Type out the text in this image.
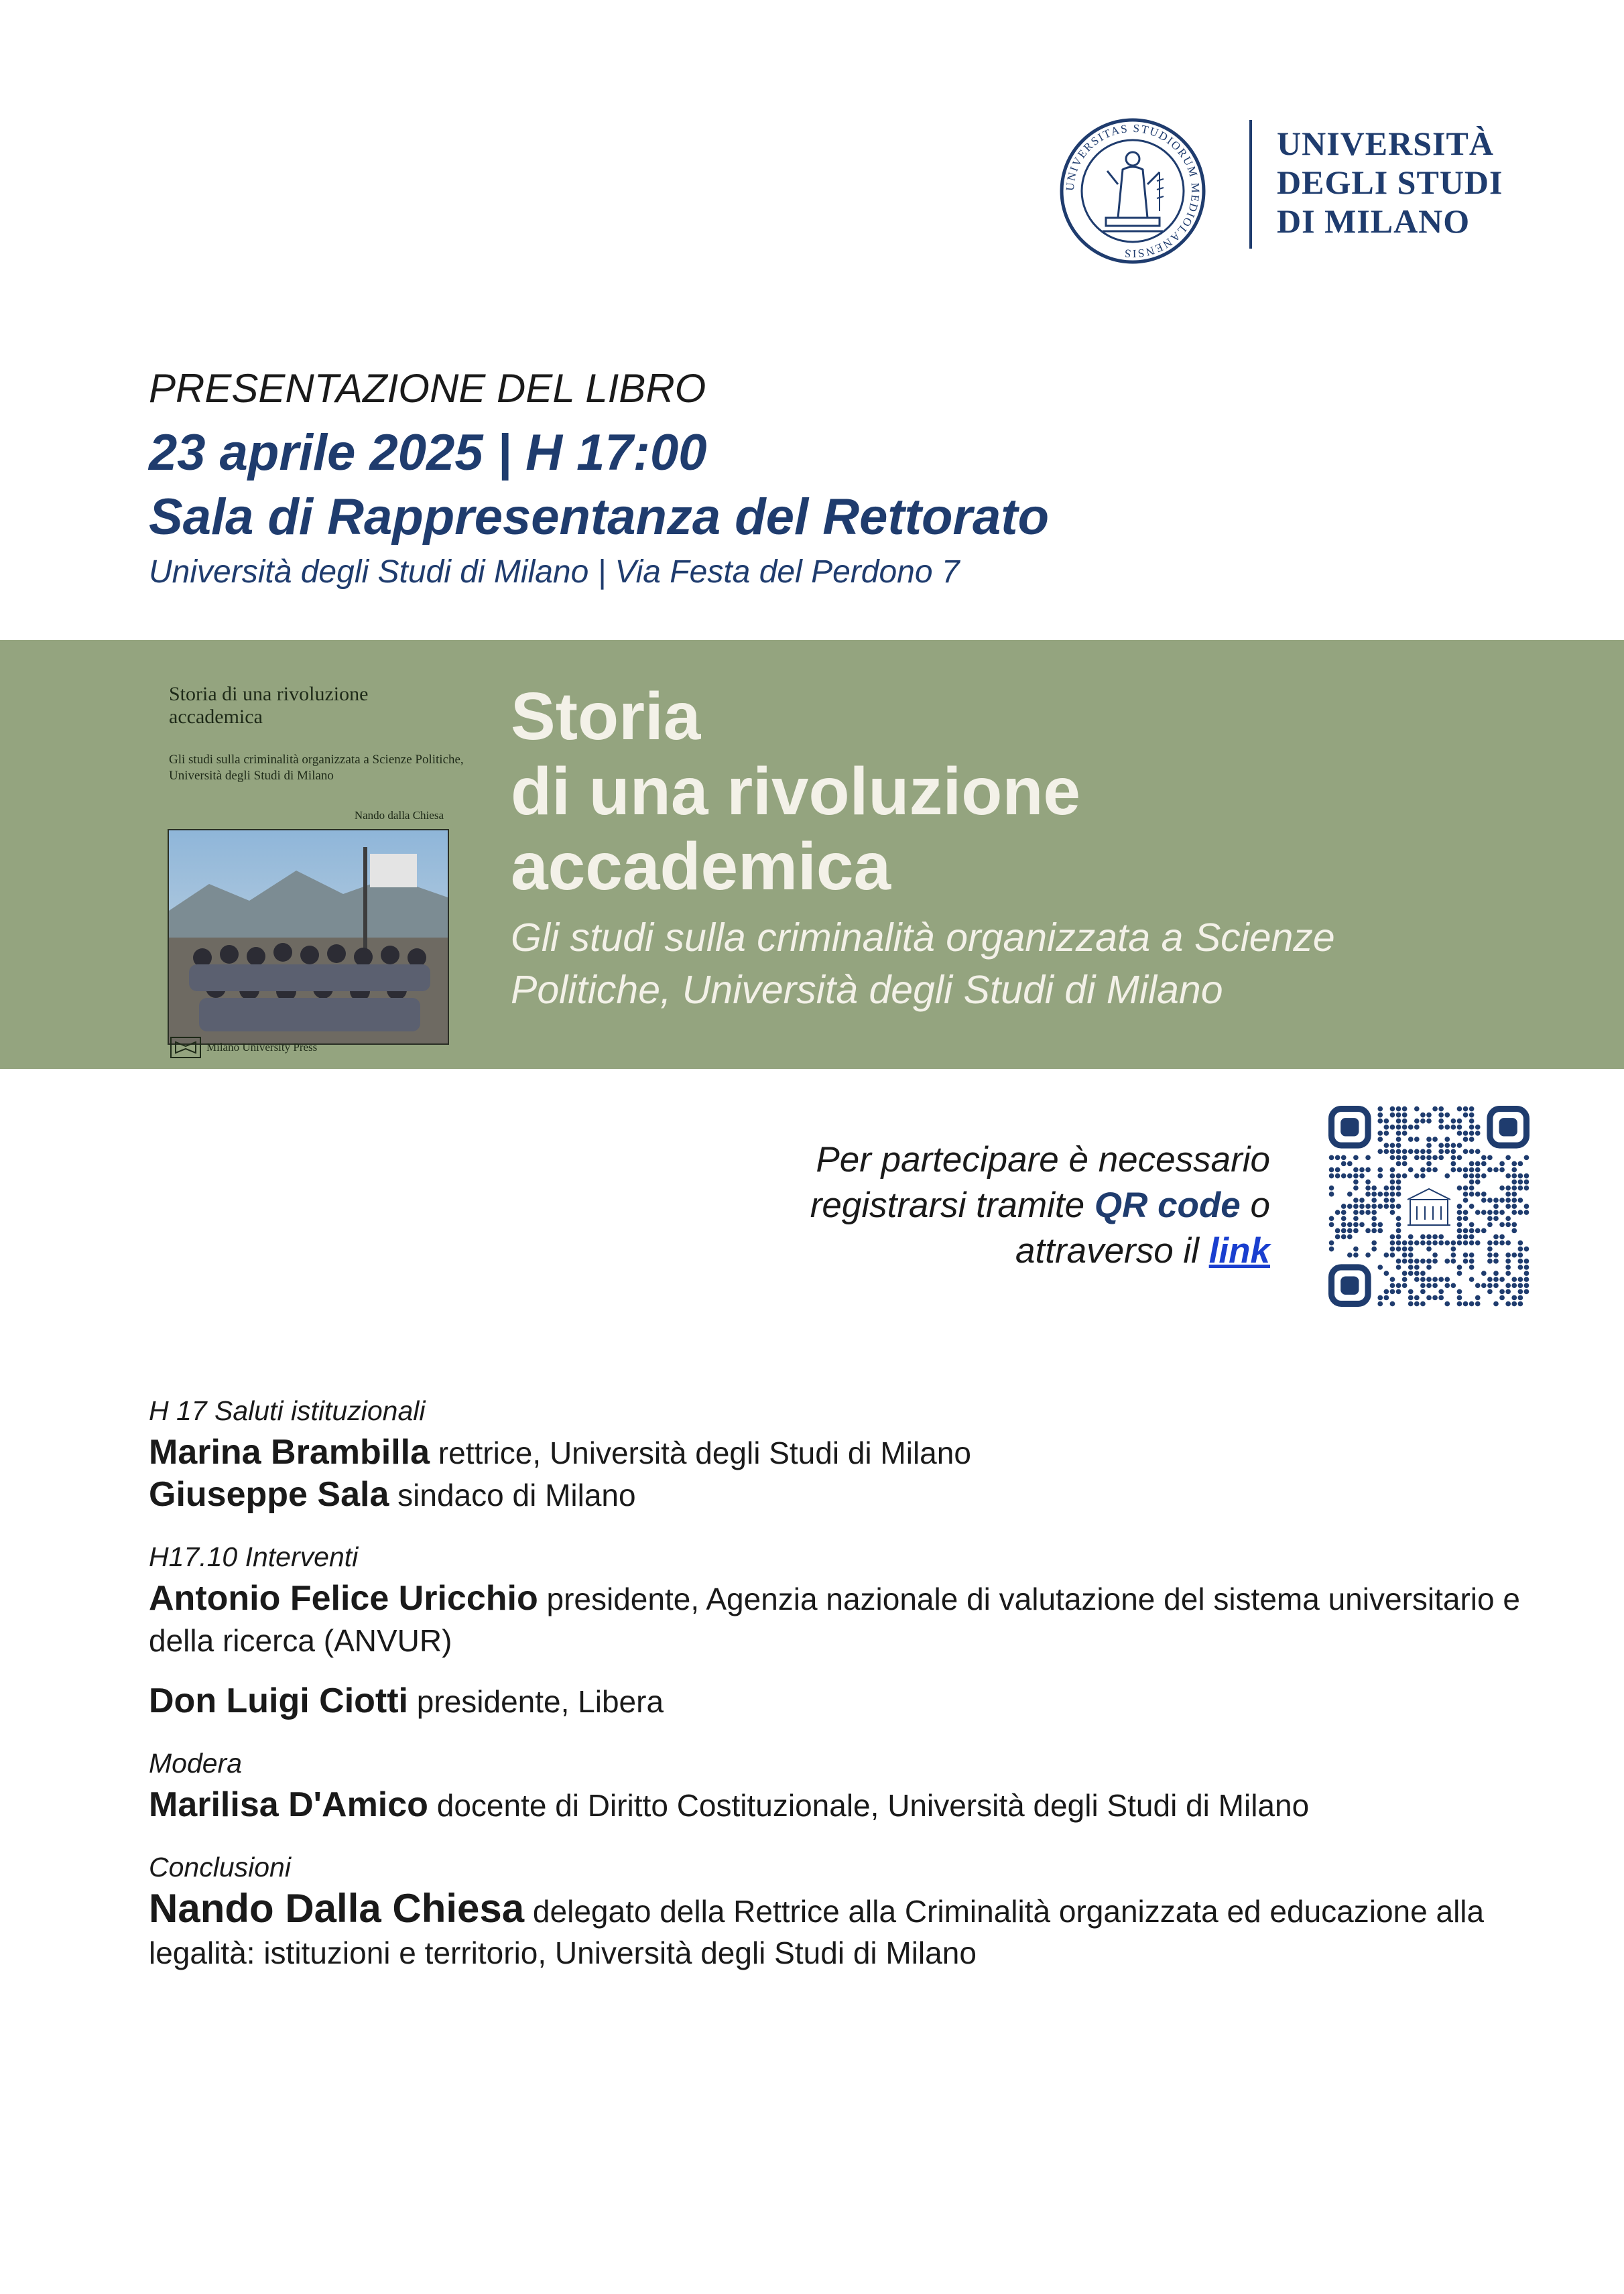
UNIVERSITAS STUDIORUM MEDIOLANENSIS
UNIVERSITÀ
DEGLI STUDI
DI MILANO
PRESENTAZIONE DEL LIBRO
23 aprile 2025 | H 17:00
Sala di Rappresentanza del Rettorato
Università degli Studi di Milano | Via Festa del Perdono 7
Storia di una rivoluzione accademica
Gli studi sulla criminalità organizzata a Scienze Politiche, Università degli Studi di Milano
Nando dalla Chiesa
Milano University Press
Storia
di una rivoluzione
accademica
Gli studi sulla criminalità organizzata a Scienze
Politiche, Università degli Studi di Milano
Per partecipare è necessario
registrarsi tramite QR code o
attraverso il link
H 17 Saluti istituzionali
Marina Brambilla rettrice, Università degli Studi di Milano
Giuseppe Sala sindaco di Milano
H17.10 Interventi
Antonio Felice Uricchio presidente, Agenzia nazionale di valutazione del sistema universitario e della ricerca (ANVUR)
Don Luigi Ciotti presidente, Libera
Modera
Marilisa D'Amico docente di Diritto Costituzionale, Università degli Studi di Milano
Conclusioni
Nando Dalla Chiesa delegato della Rettrice alla Criminalità organizzata ed educazione alla legalità: istituzioni e territorio, Università degli Studi di Milano
